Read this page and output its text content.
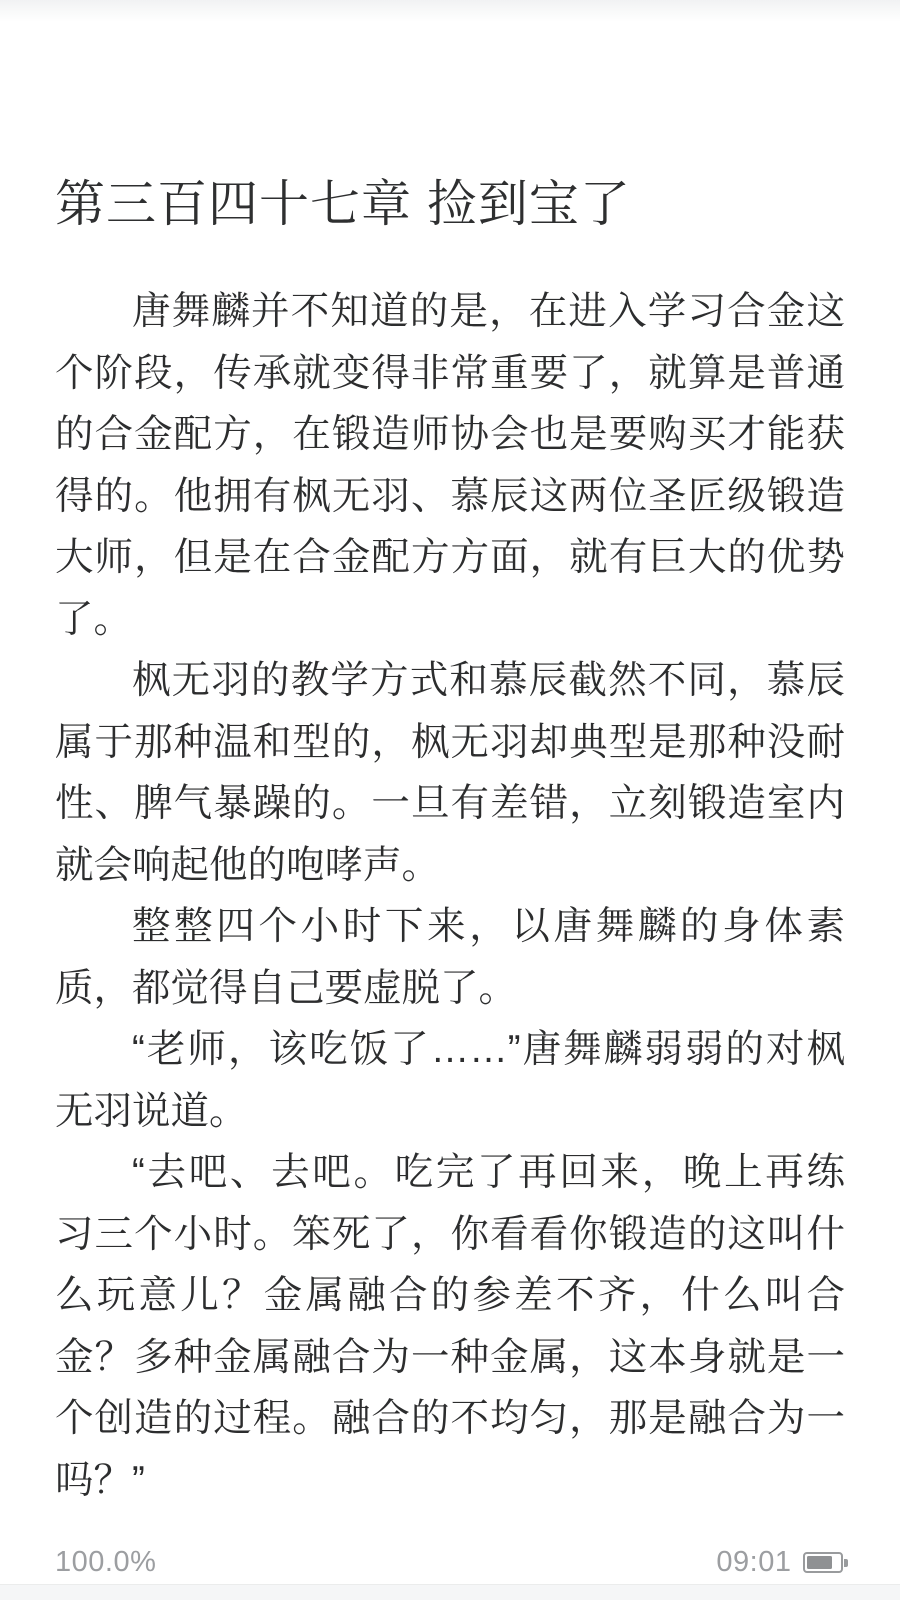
第三百四十七章 捡到宝了
唐舞麟并不知道的是，在进入学习合金这
个阶段，传承就变得非常重要了，就算是普通
的合金配方，在锻造师协会也是要购买才能获
得的。他拥有枫无羽、慕辰这两位圣匠级锻造
大师，但是在合金配方方面，就有巨大的优势
了。
枫无羽的教学方式和慕辰截然不同，慕辰
属于那种温和型的，枫无羽却典型是那种没耐
性、脾气暴躁的。一旦有差错，立刻锻造室内
就会响起他的咆哮声。
整整四个小时下来，以唐舞麟的身体素
质，都觉得自己要虚脱了。
“老师，该吃饭了……”唐舞麟弱弱的对枫
无羽说道。
“去吧、去吧。吃完了再回来，晚上再练
习三个小时。笨死了，你看看你锻造的这叫什
么玩意儿？金属融合的参差不齐，什么叫合
金？多种金属融合为一种金属，这本身就是一
个创造的过程。融合的不均匀，那是融合为一
吗？”
100.0%	09:01
